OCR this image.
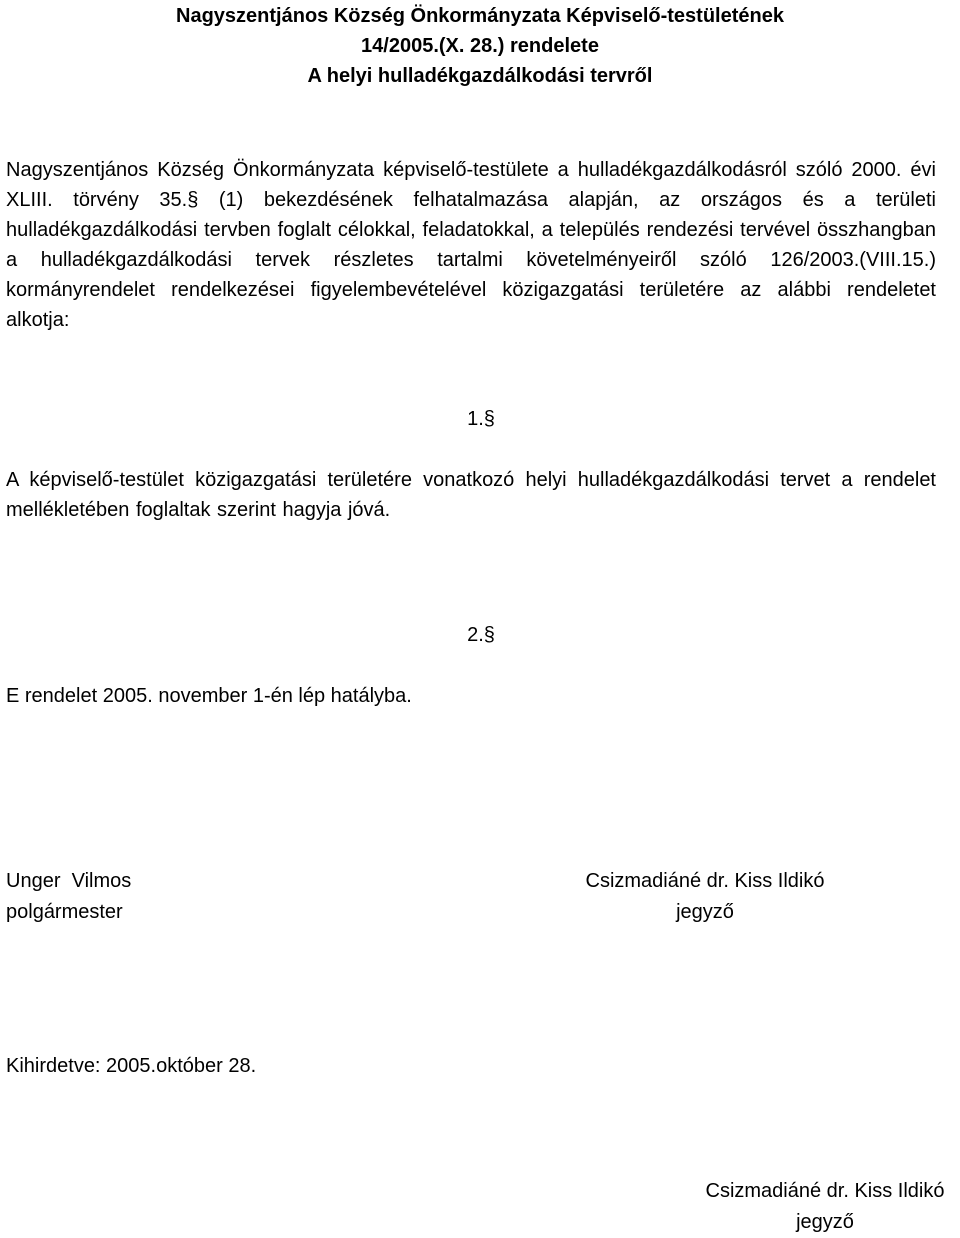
Nagyszentjános Község Önkormányzata Képviselő-testületének
14/2005.(X. 28.) rendelete
A helyi hulladékgazdálkodási tervről
Nagyszentjános Község Önkormányzata képviselő-testülete a hulladékgazdálkodásról szóló 2000. évi XLIII. törvény 35.§ (1) bekezdésének felhatalmazása alapján, az országos és a területi hulladékgazdálkodási tervben foglalt célokkal, feladatokkal, a település rendezési tervével összhangban a hulladékgazdálkodási tervek részletes tartalmi követelményeiről szóló 126/2003.(VIII.15.) kormányrendelet rendelkezései figyelembevételével közigazgatási területére az alábbi rendeletet alkotja:
1.§
A képviselő-testület közigazgatási területére vonatkozó helyi hulladékgazdálkodási tervet a rendelet mellékletében foglaltak szerint hagyja jóvá.
2.§
E rendelet 2005. november 1-én lép hatályba.
Unger  Vilmos
polgármester
Csizmadiáné dr. Kiss Ildikó
jegyző
Kihirdetve: 2005.október 28.
Csizmadiáné dr. Kiss Ildikó
jegyző
